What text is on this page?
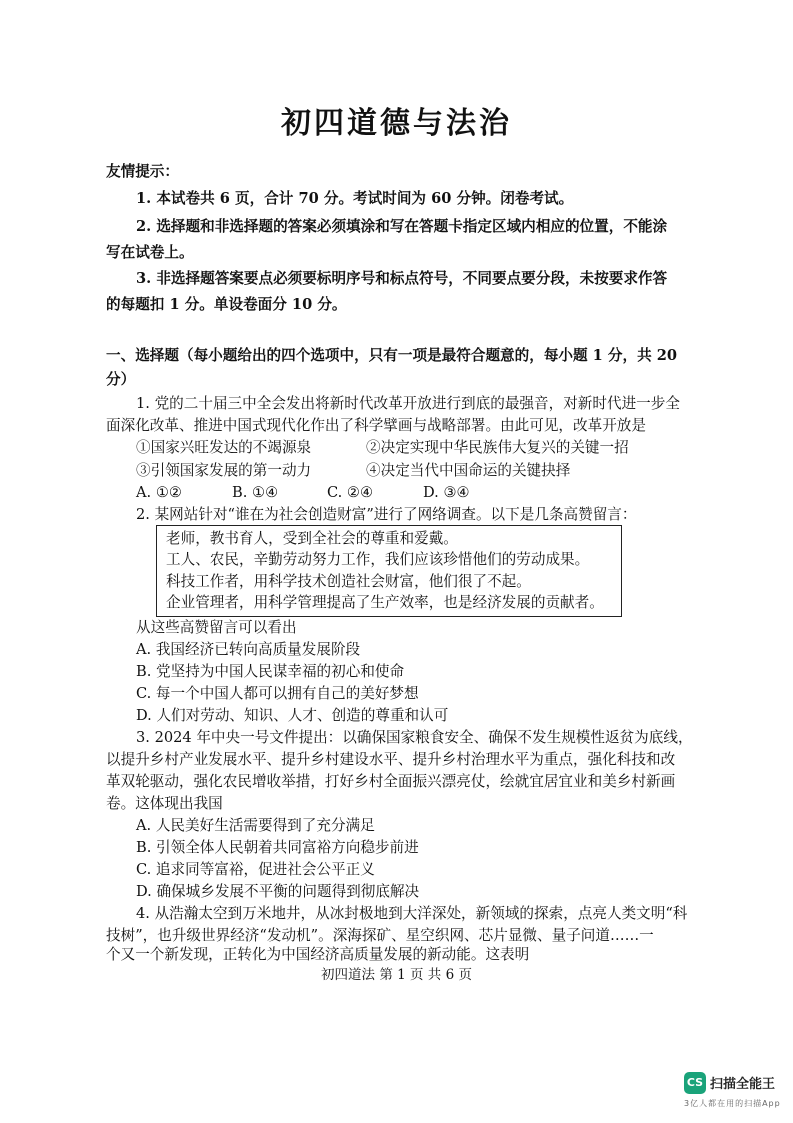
初四道德与法治
友情提示：
1. 本试卷共 6 页，合计 70 分。考试时间为 60 分钟。闭卷考试。
2. 选择题和非选择题的答案必须填涂和写在答题卡指定区域内相应的位置，不能涂
写在试卷上。
3. 非选择题答案要点必须要标明序号和标点符号，不同要点要分段，未按要求作答
的每题扣 1 分。单设卷面分 10 分。
一、选择题（每小题给出的四个选项中，只有一项是最符合题意的，每小题 1 分，共 20
分）
1. 党的二十届三中全会发出将新时代改革开放进行到底的最强音，对新时代进一步全
面深化改革、推进中国式现代化作出了科学擘画与战略部署。由此可见，改革开放是
①国家兴旺发达的不竭源泉	②决定实现中华民族伟大复兴的关键一招
③引领国家发展的第一动力	④决定当代中国命运的关键抉择
A. ①②	B. ①④	C. ②④	D. ③④
2. 某网站针对“谁在为社会创造财富”进行了网络调查。以下是几条高赞留言：
老师，教书育人，受到全社会的尊重和爱戴。
工人、农民，辛勤劳动努力工作，我们应该珍惜他们的劳动成果。
科技工作者，用科学技术创造社会财富，他们很了不起。
企业管理者，用科学管理提高了生产效率，也是经济发展的贡献者。
从这些高赞留言可以看出
A. 我国经济已转向高质量发展阶段
B. 党坚持为中国人民谋幸福的初心和使命
C. 每一个中国人都可以拥有自己的美好梦想
D. 人们对劳动、知识、人才、创造的尊重和认可
3. 2024 年中央一号文件提出：以确保国家粮食安全、确保不发生规模性返贫为底线，
以提升乡村产业发展水平、提升乡村建设水平、提升乡村治理水平为重点，强化科技和改
革双轮驱动，强化农民增收举措，打好乡村全面振兴漂亮仗，绘就宜居宜业和美乡村新画
卷。这体现出我国
A. 人民美好生活需要得到了充分满足
B. 引领全体人民朝着共同富裕方向稳步前进
C. 追求同等富裕，促进社会公平正义
D. 确保城乡发展不平衡的问题得到彻底解决
4. 从浩瀚太空到万米地井，从冰封极地到大洋深处，新领域的探索，点亮人类文明“科
技树”，也升级世界经济“发动机”。深海探矿、星空织网、芯片显微、量子问道……一
个又一个新发现，正转化为中国经济高质量发展的新动能。这表明
初四道法 第 1 页 共 6 页
CS 扫描全能王
3亿人都在用的扫描App
